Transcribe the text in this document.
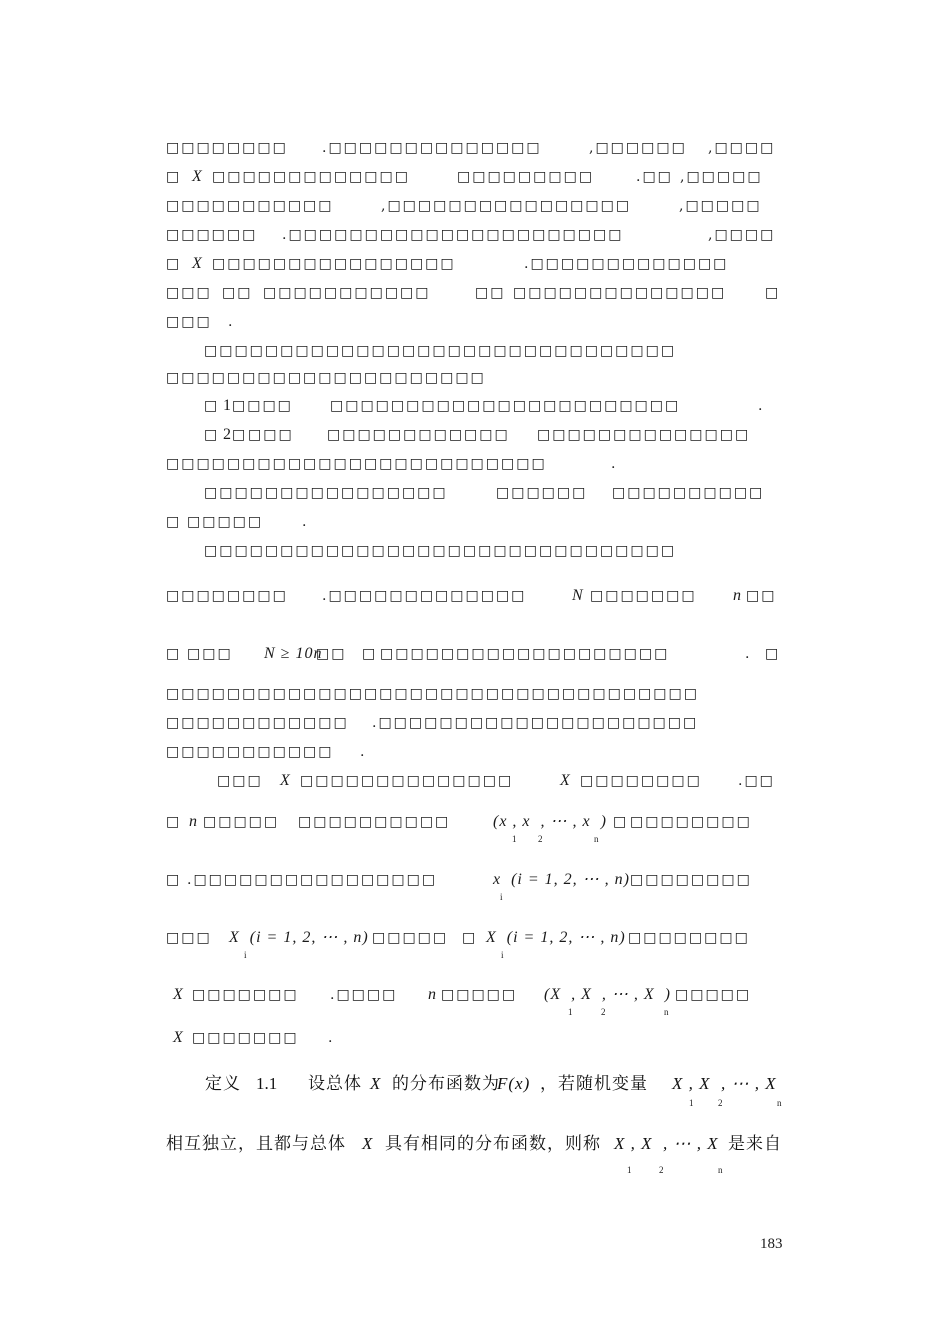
□□□□□□□□ .□□□□□□□□□□□□□□	,□□□□□□ ,□□□□
□ X □□□□□□□□□□□□□	□□□□□□□□□	.□□ ,□□□□□
□□□□□□□□□□□	,□□□□□□□□□□□□□□□□	,□□□□□
□□□□□□ .□□□□□□□□□□□□□□□□□□□□□□	,□□□□
□ X □□□□□□□□□□□□□□□□	.□□□□□□□□□□□□□
□□□ □□ □□□□□□□□□□□	□□ □□□□□□□□□□□□□□	□
□□□ .
□□□□□□□□□□□□□□□□□□□□□□□□□□□□□□□
□□□□□□□□□□□□□□□□□□□□□
□ 1 □□□□	□□□□□□□□□□□□□□□□□□□□□□□	.
□ 2 □ □□□ □□□□□□□□□□□□ □□□□□□□□□□□□□□
□□□□□□□□□□□□□□□□□□□□□□□□□	.
□□□□□□□□□□□□□□□□	□□□□□□ □□□□□□□□□□
□ □□□□□	.
□□□□□□□□□□□□□□□□□□□□□□□□□□□□□□□
□□□□□□□□ .□□□□□□□□□□□□□	N □□□□□□□ n □□
□ □□□ N ≥ 10n
□□ □ □□□□□□□□□□□□□□□□□□□	. □
□□□□□□□□□□□□□□□□□□□□□□□□□□□□□□□□□□□
□□□□□□□□□□□□ .□□□□□□□□□□□□□□□□□□□□□
□□□□□□□□□□□ .
□□□ X □□□□□□□□□□□□□□	X □□□□□□□□	.□□
□ n □□□□□ □□□□□□□□□□	(x , x  , ⋯ , x  ) □ □□□□□□□□
□ .□□□□□□□□□□□□□□□□	x  (i = 1, 2, ⋯ , n) □□□□□□□□
□□□ X  (i = 1, 2, ⋯ , n) □□□□□ □ X  (i = 1, 2, ⋯ , n) □□□□□□□□
X □□□□□□□ .□□□□ n □□□□□ (X  , X  , ⋯ , X  ) □□□□□
X □□□□□□□ .
1 2	n
i
i	i
1	2	n
1	2	n
1	2	n
定义 1.1 设总体 X 的分布函数为
F(x) ，若随机变量 X , X  , ⋯ , X
相互独立，且都与总体 X 具有相同的分布函数，则称 X , X  , ⋯ , X 是来自
183
